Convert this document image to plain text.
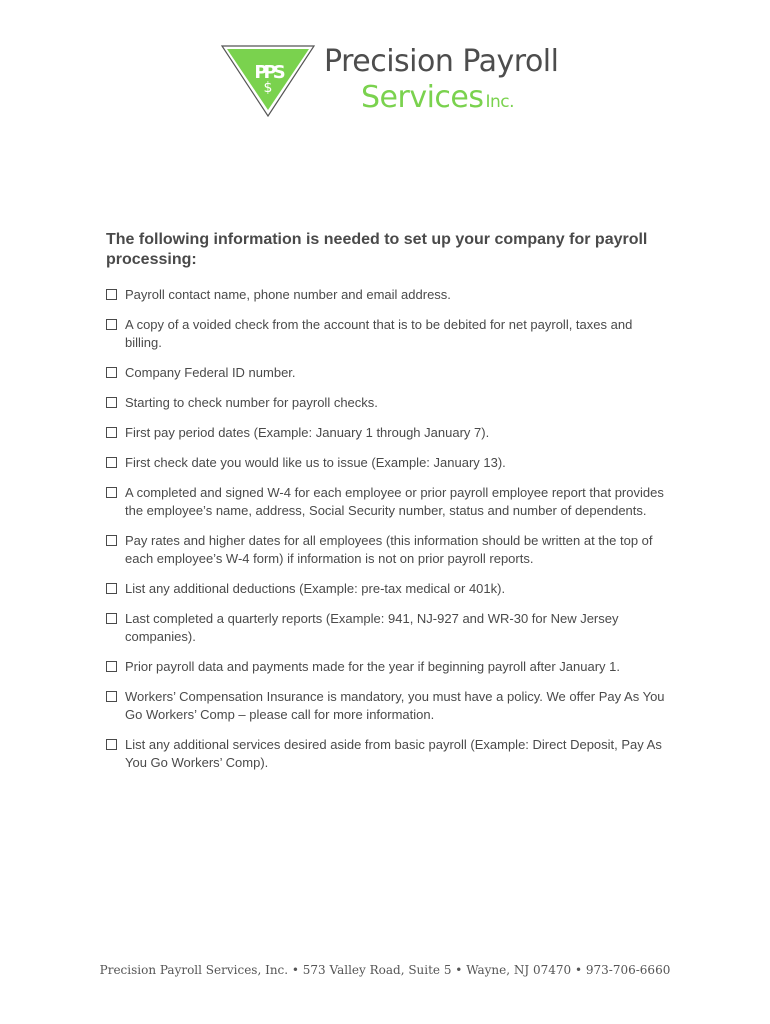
PPS
$
Precision Payroll
Services Inc.
The following information is needed to set up your company for payroll processing:
Payroll contact name, phone number and email address.
A copy of a voided check from the account that is to be debited for net payroll, taxes and billing.
Company Federal ID number.
Starting to check number for payroll checks.
First pay period dates (Example: January 1 through January 7).
First check date you would like us to issue (Example: January 13).
A completed and signed W-4 for each employee or prior payroll employee report that provides the employee’s name, address, Social Security number, status and number of dependents.
Pay rates and higher dates for all employees (this information should be written at the top of each employee’s W-4 form) if information is not on prior payroll reports.
List any additional deductions (Example: pre-tax medical or 401k).
Last completed a quarterly reports (Example: 941, NJ-927 and WR-30 for New Jersey companies).
Prior payroll data and payments made for the year if beginning payroll after January 1.
Workers’ Compensation Insurance is mandatory, you must have a policy. We offer Pay As You Go Workers’ Comp – please call for more information.
List any additional services desired aside from basic payroll (Example: Direct Deposit, Pay As You Go Workers’ Comp).
Precision Payroll Services, Inc. • 573 Valley Road, Suite 5 • Wayne, NJ 07470 • 973-706-6660
